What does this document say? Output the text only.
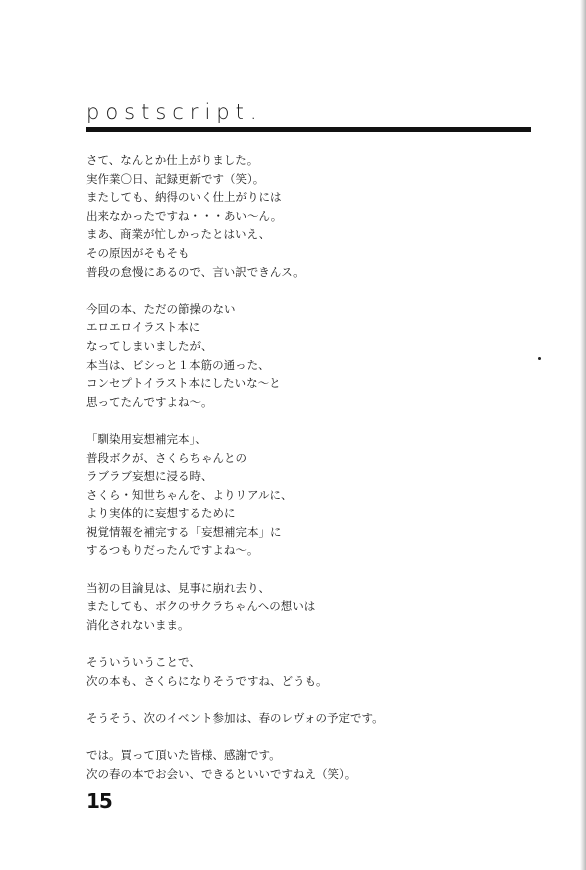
postscript.
さて、なんとか仕上がりました。
実作業〇日、記録更新です（笑）。
またしても、納得のいく仕上がりには
出来なかったですね・・・あい〜ん。
まあ、商業が忙しかったとはいえ、
その原因がそもそも
普段の怠慢にあるので、言い訳できんス。
今回の本、ただの節操のない
エロエロイラスト本に
なってしまいましたが、
本当は、ビシっと１本筋の通った、
コンセプトイラスト本にしたいな〜と
思ってたんですよね〜。
「馴染用妄想補完本」、
普段ボクが、さくらちゃんとの
ラブラブ妄想に浸る時、
さくら・知世ちゃんを、よりリアルに、
より実体的に妄想するために
視覚情報を補完する「妄想補完本」に
するつもりだったんですよね〜。
当初の目論見は、見事に崩れ去り、
またしても、ボクのサクラちゃんへの想いは
消化されないまま。
そういういうことで、
次の本も、さくらになりそうですね、どうも。
そうそう、次のイベント参加は、春のレヴォの予定です。
では。買って頂いた皆様、感謝です。
次の春の本でお会い、できるといいですねえ（笑）。
15
